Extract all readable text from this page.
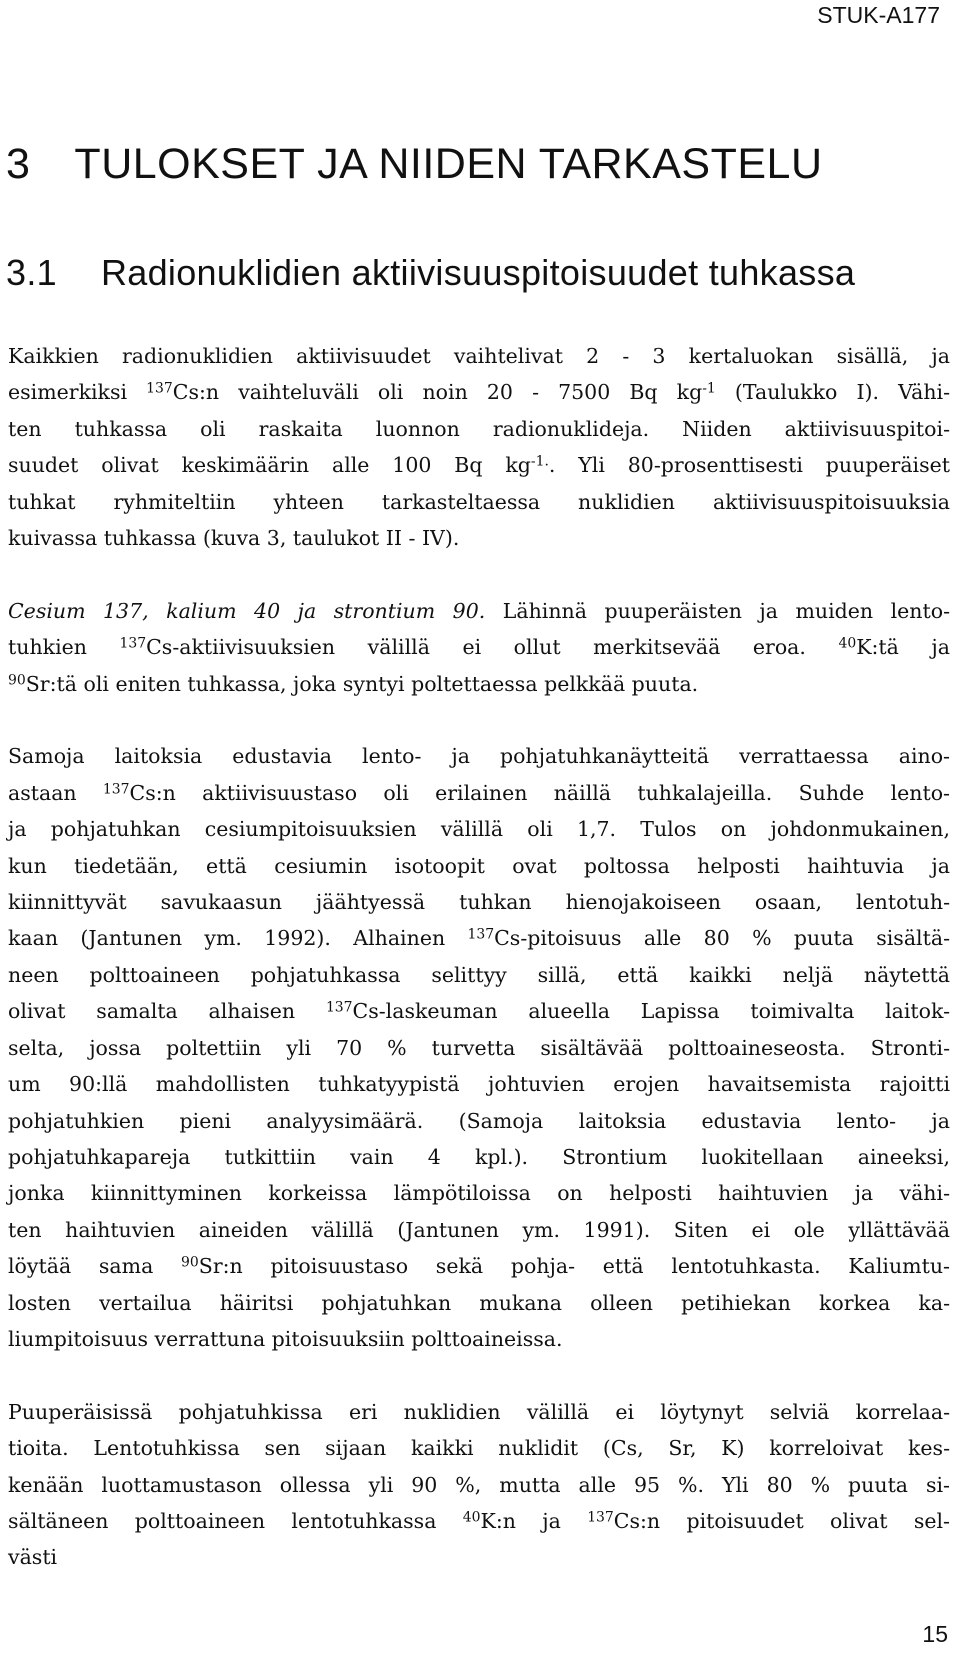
STUK-A177
3 TULOKSET JA NIIDEN TARKASTELU
3.1 Radionuklidien aktiivisuuspitoisuudet tuhkassa
Kaikkien radionuklidien aktiivisuudet vaihtelivat 2 - 3 kertaluokan sisällä, ja
esimerkiksi $^{137}$Cs:n vaihteluväli oli noin 20 - 7500 Bq $kg^{-1}$ (Taulukko I). Vähi-
ten tuhkassa oli raskaita luonnon radionuklideja. Niiden aktiivisuuspitoi-
suudet olivat keskimäärin alle 100 Bq $kg^{-1.}$. Yli 80-prosenttisesti puuperäiset
tuhkat ryhmiteltiin yhteen tarkasteltaessa nuklidien aktiivisuuspitoisuuksia
kuivassa tuhkassa (kuva 3, taulukot II - IV).
Cesium 137, kalium 40 ja strontium 90. Lähinnä puuperäisten ja muiden lento-
tuhkien $^{137}$Cs-aktiivisuuksien välillä ei ollut merkitsevää eroa. $^{40}$K:tä ja
$^{90}$Sr:tä oli eniten tuhkassa, joka syntyi poltettaessa pelkkää puuta.
Samoja laitoksia edustavia lento- ja pohjatuhkanäytteitä verrattaessa aino-
astaan $^{137}$Cs:n aktiivisuustaso oli erilainen näillä tuhkalajeilla. Suhde lento-
ja pohjatuhkan cesiumpitoisuuksien välillä oli 1,7. Tulos on johdonmukainen,
kun tiedetään, että cesiumin isotoopit ovat poltossa helposti haihtuvia ja
kiinnittyvät savukaasun jäähtyessä tuhkan hienojakoiseen osaan, lentotuh-
kaan (Jantunen ym. 1992). Alhainen $^{137}$Cs-pitoisuus alle 80 % puuta sisältä-
neen polttoaineen pohjatuhkassa selittyy sillä, että kaikki neljä näytettä
olivat samalta alhaisen $^{137}$Cs-laskeuman alueella Lapissa toimivalta laitok-
selta, jossa poltettiin yli 70 % turvetta sisältävää polttoaineseosta. Stronti-
um 90:llä mahdollisten tuhkatyypistä johtuvien erojen havaitsemista rajoitti
pohjatuhkien pieni analyysimäärä. (Samoja laitoksia edustavia lento- ja
pohjatuhkapareja tutkittiin vain 4 kpl.). Strontium luokitellaan aineeksi,
jonka kiinnittyminen korkeissa lämpötiloissa on helposti haihtuvien ja vähi-
ten haihtuvien aineiden välillä (Jantunen ym. 1991). Siten ei ole yllättävää
löytää sama $^{90}$Sr:n pitoisuustaso sekä pohja- että lentotuhkasta. Kaliumtu-
losten vertailua häiritsi pohjatuhkan mukana olleen petihiekan korkea ka-
liumpitoisuus verrattuna pitoisuuksiin polttoaineissa.
Puuperäisissä pohjatuhkissa eri nuklidien välillä ei löytynyt selviä korrelaa-
tioita. Lentotuhkissa sen sijaan kaikki nuklidit (Cs, Sr, K) korreloivat kes-
kenään luottamustason ollessa yli 90 %, mutta alle 95 %. Yli 80 % puuta si-
sältäneen polttoaineen lentotuhkassa $^{40}$K:n ja $^{137}$Cs:n pitoisuudet olivat sel-
västi
15
